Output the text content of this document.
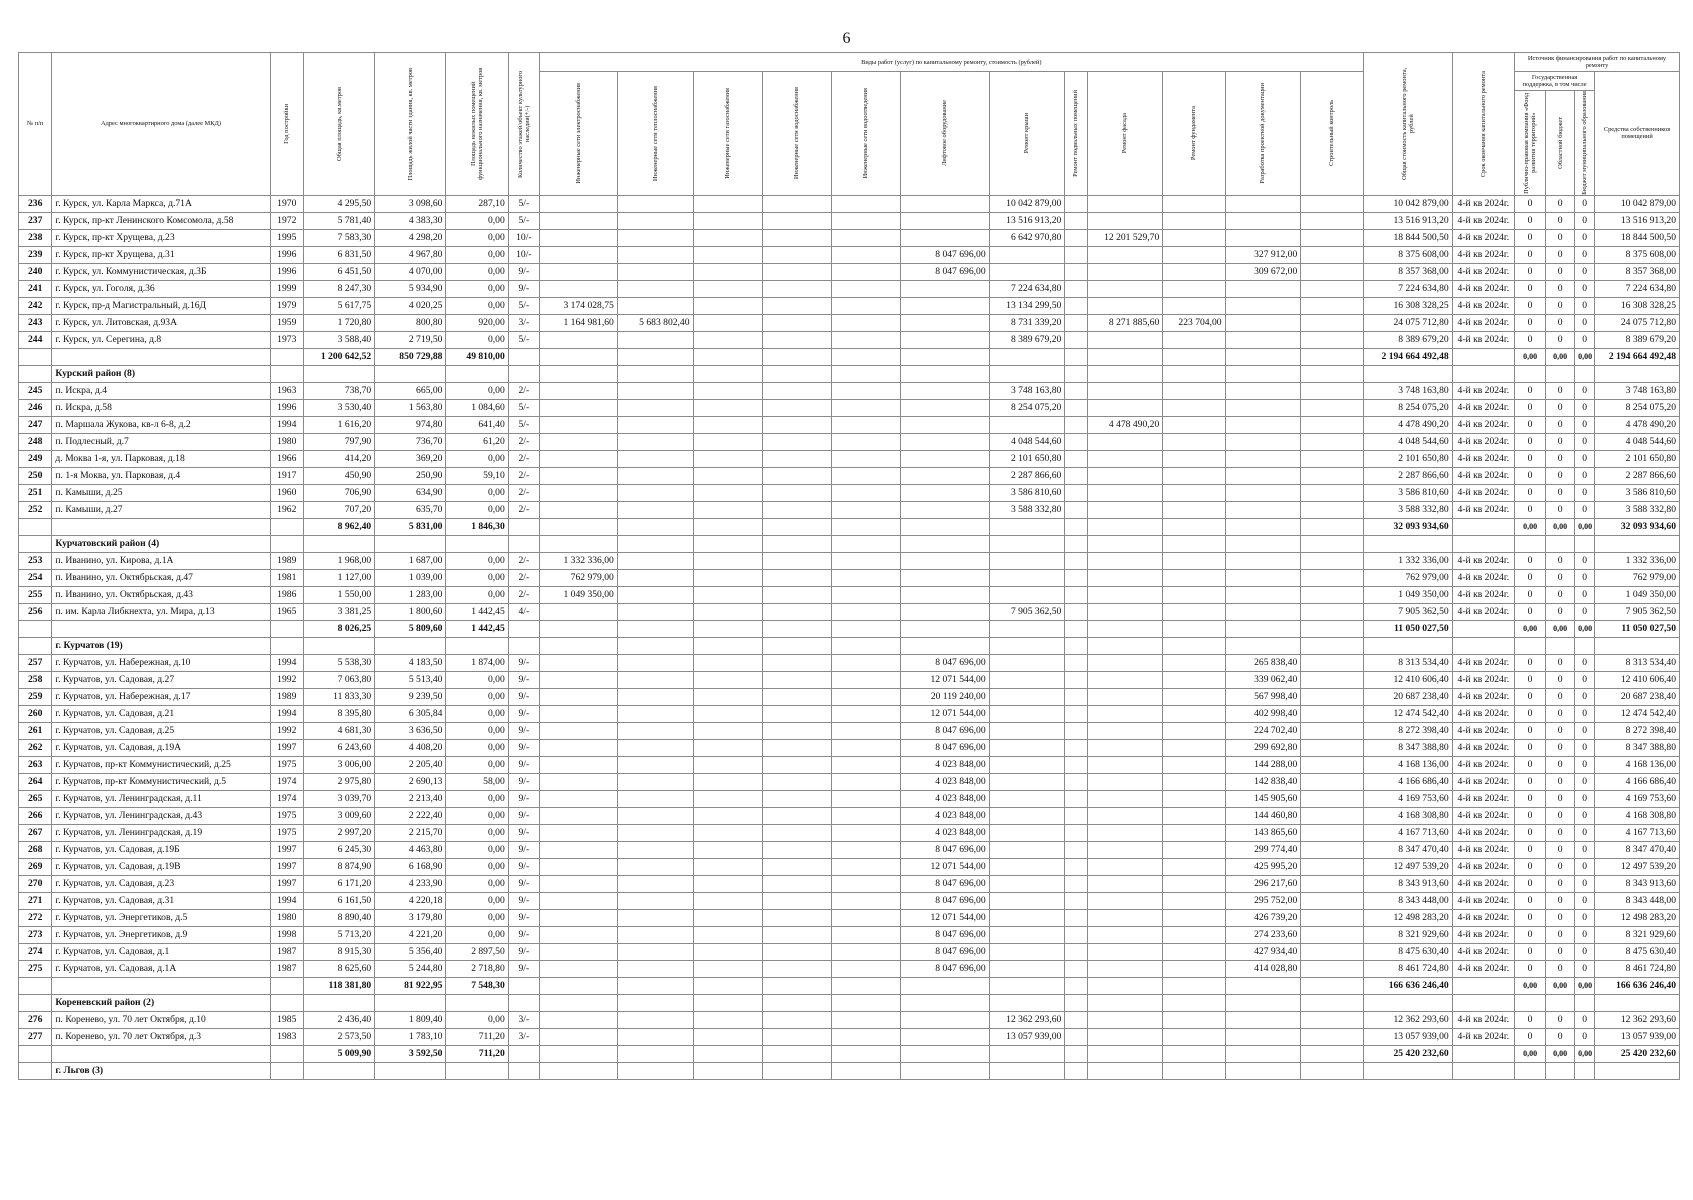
6
№ п/п	Адрес многоквартирного дома (далее МКД)	Год постройки	Общая площадь, кв.метров	Площадь жилой части здания, кв. метров	Площадь нежилых помещений функционального назначения, кв. метров	Количество этажей/объект культурного наследия(+/-)	Виды работ (услуг) по капитальному ремонту, стоимость (рублей)												Общая стоимость капитального ремонта, рублей	Срок окончания капитального ремонта	Источник финансирования работ по капитальному ремонту			

							Инженерные сети электроснабжения	Инженерные сети теплоснабжения	Инженерные сети газоснабжения	Инженерные сети водоснабжения	Инженерные сети водоотведения	Лифтовое оборудование	Ремонт крыши	Ремонт подвальных помещений	Ремонт фасада	Ремонт фундамента	Разработка проектной документации	Строительный контроль			Государственная поддержка, в том числе			Средства собственников помещений

																					Публично-правовая компания «Фонд развития территорий»	Областной бюджет	Бюджет муниципального образования	

236	г. Курск, ул. Карла Маркса, д.71А	1970	4 295,50	3 098,60	287,10	5/-							10 042 879,00						10 042 879,00	4-й кв 2024г.	0	0	0	10 042 879,00
237	г. Курск, пр-кт Ленинского Комсомола, д.58	1972	5 781,40	4 383,30	0,00	5/-							13 516 913,20						13 516 913,20	4-й кв 2024г.	0	0	0	13 516 913,20
238	г. Курск, пр-кт Хрущева, д.23	1995	7 583,30	4 298,20	0,00	10/-							6 642 970,80		12 201 529,70				18 844 500,50	4-й кв 2024г.	0	0	0	18 844 500,50
239	г. Курск, пр-кт Хрущева, д.31	1996	6 831,50	4 967,80	0,00	10/-						8 047 696,00					327 912,00		8 375 608,00	4-й кв 2024г.	0	0	0	8 375 608,00
240	г. Курск, ул. Коммунистическая, д.3Б	1996	6 451,50	4 070,00	0,00	9/-						8 047 696,00					309 672,00		8 357 368,00	4-й кв 2024г.	0	0	0	8 357 368,00
241	г. Курск, ул. Гоголя, д.36	1999	8 247,30	5 934,90	0,00	9/-							7 224 634,80						7 224 634,80	4-й кв 2024г.	0	0	0	7 224 634,80
242	г. Курск, пр-д Магистральный, д.16Д	1979	5 617,75	4 020,25	0,00	5/-	3 174 028,75						13 134 299,50						16 308 328,25	4-й кв 2024г.	0	0	0	16 308 328,25
243	г. Курск, ул. Литовская, д.93А	1959	1 720,80	800,80	920,00	3/-	1 164 981,60	5 683 802,40					8 731 339,20		8 271 885,60	223 704,00			24 075 712,80	4-й кв 2024г.	0	0	0	24 075 712,80
244	г. Курск, ул. Серегина, д.8	1973	3 588,40	2 719,50	0,00	5/-							8 389 679,20						8 389 679,20	4-й кв 2024г.	0	0	0	8 389 679,20
			1 200 642,52	850 729,88	49 810,00														2 194 664 492,48		0,00	0,00	0,00	2 194 664 492,48
	Курский район (8)																							
245	п. Искра, д.4	1963	738,70	665,00	0,00	2/-							3 748 163,80						3 748 163,80	4-й кв 2024г.	0	0	0	3 748 163,80
246	п. Искра, д.58	1996	3 530,40	1 563,80	1 084,60	5/-							8 254 075,20						8 254 075,20	4-й кв 2024г.	0	0	0	8 254 075,20
247	п. Маршала Жукова, кв-л 6-8, д.2	1994	1 616,20	974,80	641,40	5/-									4 478 490,20				4 478 490,20	4-й кв 2024г.	0	0	0	4 478 490,20
248	п. Подлесный, д.7	1980	797,90	736,70	61,20	2/-							4 048 544,60						4 048 544,60	4-й кв 2024г.	0	0	0	4 048 544,60
249	д. Моква 1-я, ул. Парковая, д.18	1966	414,20	369,20	0,00	2/-							2 101 650,80						2 101 650,80	4-й кв 2024г.	0	0	0	2 101 650,80
250	п. 1-я Моква, ул. Парковая, д.4	1917	450,90	250,90	59,10	2/-							2 287 866,60						2 287 866,60	4-й кв 2024г.	0	0	0	2 287 866,60
251	п. Камыши, д.25	1960	706,90	634,90	0,00	2/-							3 586 810,60						3 586 810,60	4-й кв 2024г.	0	0	0	3 586 810,60
252	п. Камыши, д.27	1962	707,20	635,70	0,00	2/-							3 588 332,80						3 588 332,80	4-й кв 2024г.	0	0	0	3 588 332,80
			8 962,40	5 831,00	1 846,30														32 093 934,60		0,00	0,00	0,00	32 093 934,60
	Курчатовский район (4)																							
253	п. Иванино, ул. Кирова, д.1А	1989	1 968,00	1 687,00	0,00	2/-	1 332 336,00												1 332 336,00	4-й кв 2024г.	0	0	0	1 332 336,00
254	п. Иванино, ул. Октябрьская, д.47	1981	1 127,00	1 039,00	0,00	2/-	762 979,00												762 979,00	4-й кв 2024г.	0	0	0	762 979,00
255	п. Иванино, ул. Октябрьская, д.43	1986	1 550,00	1 283,00	0,00	2/-	1 049 350,00												1 049 350,00	4-й кв 2024г.	0	0	0	1 049 350,00
256	п. им. Карла Либкнехта, ул. Мира, д.13	1965	3 381,25	1 800,60	1 442,45	4/-							7 905 362,50						7 905 362,50	4-й кв 2024г.	0	0	0	7 905 362,50
			8 026,25	5 809,60	1 442,45														11 050 027,50		0,00	0,00	0,00	11 050 027,50
	г. Курчатов (19)																							
257	г. Курчатов, ул. Набережная, д.10	1994	5 538,30	4 183,50	1 874,00	9/-						8 047 696,00					265 838,40		8 313 534,40	4-й кв 2024г.	0	0	0	8 313 534,40
258	г. Курчатов, ул. Садовая, д.27	1992	7 063,80	5 513,40	0,00	9/-						12 071 544,00					339 062,40		12 410 606,40	4-й кв 2024г.	0	0	0	12 410 606,40
259	г. Курчатов, ул. Набережная, д.17	1989	11 833,30	9 239,50	0,00	9/-						20 119 240,00					567 998,40		20 687 238,40	4-й кв 2024г.	0	0	0	20 687 238,40
260	г. Курчатов, ул. Садовая, д.21	1994	8 395,80	6 305,84	0,00	9/-						12 071 544,00					402 998,40		12 474 542,40	4-й кв 2024г.	0	0	0	12 474 542,40
261	г. Курчатов, ул. Садовая, д.25	1992	4 681,30	3 636,50	0,00	9/-						8 047 696,00					224 702,40		8 272 398,40	4-й кв 2024г.	0	0	0	8 272 398,40
262	г. Курчатов, ул. Садовая, д.19А	1997	6 243,60	4 408,20	0,00	9/-						8 047 696,00					299 692,80		8 347 388,80	4-й кв 2024г.	0	0	0	8 347 388,80
263	г. Курчатов, пр-кт Коммунистический, д.25	1975	3 006,00	2 205,40	0,00	9/-						4 023 848,00					144 288,00		4 168 136,00	4-й кв 2024г.	0	0	0	4 168 136,00
264	г. Курчатов, пр-кт Коммунистический, д.5	1974	2 975,80	2 690,13	58,00	9/-						4 023 848,00					142 838,40		4 166 686,40	4-й кв 2024г.	0	0	0	4 166 686,40
265	г. Курчатов, ул. Ленинградская, д.11	1974	3 039,70	2 213,40	0,00	9/-						4 023 848,00					145 905,60		4 169 753,60	4-й кв 2024г.	0	0	0	4 169 753,60
266	г. Курчатов, ул. Ленинградская, д.43	1975	3 009,60	2 222,40	0,00	9/-						4 023 848,00					144 460,80		4 168 308,80	4-й кв 2024г.	0	0	0	4 168 308,80
267	г. Курчатов, ул. Ленинградская, д.19	1975	2 997,20	2 215,70	0,00	9/-						4 023 848,00					143 865,60		4 167 713,60	4-й кв 2024г.	0	0	0	4 167 713,60
268	г. Курчатов, ул. Садовая, д.19Б	1997	6 245,30	4 463,80	0,00	9/-						8 047 696,00					299 774,40		8 347 470,40	4-й кв 2024г.	0	0	0	8 347 470,40
269	г. Курчатов, ул. Садовая, д.19В	1997	8 874,90	6 168,90	0,00	9/-						12 071 544,00					425 995,20		12 497 539,20	4-й кв 2024г.	0	0	0	12 497 539,20
270	г. Курчатов, ул. Садовая, д.23	1997	6 171,20	4 233,90	0,00	9/-						8 047 696,00					296 217,60		8 343 913,60	4-й кв 2024г.	0	0	0	8 343 913,60
271	г. Курчатов, ул. Садовая, д.31	1994	6 161,50	4 220,18	0,00	9/-						8 047 696,00					295 752,00		8 343 448,00	4-й кв 2024г.	0	0	0	8 343 448,00
272	г. Курчатов, ул. Энергетиков, д.5	1980	8 890,40	3 179,80	0,00	9/-						12 071 544,00					426 739,20		12 498 283,20	4-й кв 2024г.	0	0	0	12 498 283,20
273	г. Курчатов, ул. Энергетиков, д.9	1998	5 713,20	4 221,20	0,00	9/-						8 047 696,00					274 233,60		8 321 929,60	4-й кв 2024г.	0	0	0	8 321 929,60
274	г. Курчатов, ул. Садовая, д.1	1987	8 915,30	5 356,40	2 897,50	9/-						8 047 696,00					427 934,40		8 475 630,40	4-й кв 2024г.	0	0	0	8 475 630,40
275	г. Курчатов, ул. Садовая, д.1А	1987	8 625,60	5 244,80	2 718,80	9/-						8 047 696,00					414 028,80		8 461 724,80	4-й кв 2024г.	0	0	0	8 461 724,80
			118 381,80	81 922,95	7 548,30														166 636 246,40		0,00	0,00	0,00	166 636 246,40
	Кореневский район (2)																							
276	п. Коренево, ул. 70 лет Октября, д.10	1985	2 436,40	1 809,40	0,00	3/-							12 362 293,60						12 362 293,60	4-й кв 2024г.	0	0	0	12 362 293,60
277	п. Коренево, ул. 70 лет Октября, д.3	1983	2 573,50	1 783,10	711,20	3/-							13 057 939,00						13 057 939,00	4-й кв 2024г.	0	0	0	13 057 939,00
			5 009,90	3 592,50	711,20														25 420 232,60		0,00	0,00	0,00	25 420 232,60
	г. Льгов (3)																							
